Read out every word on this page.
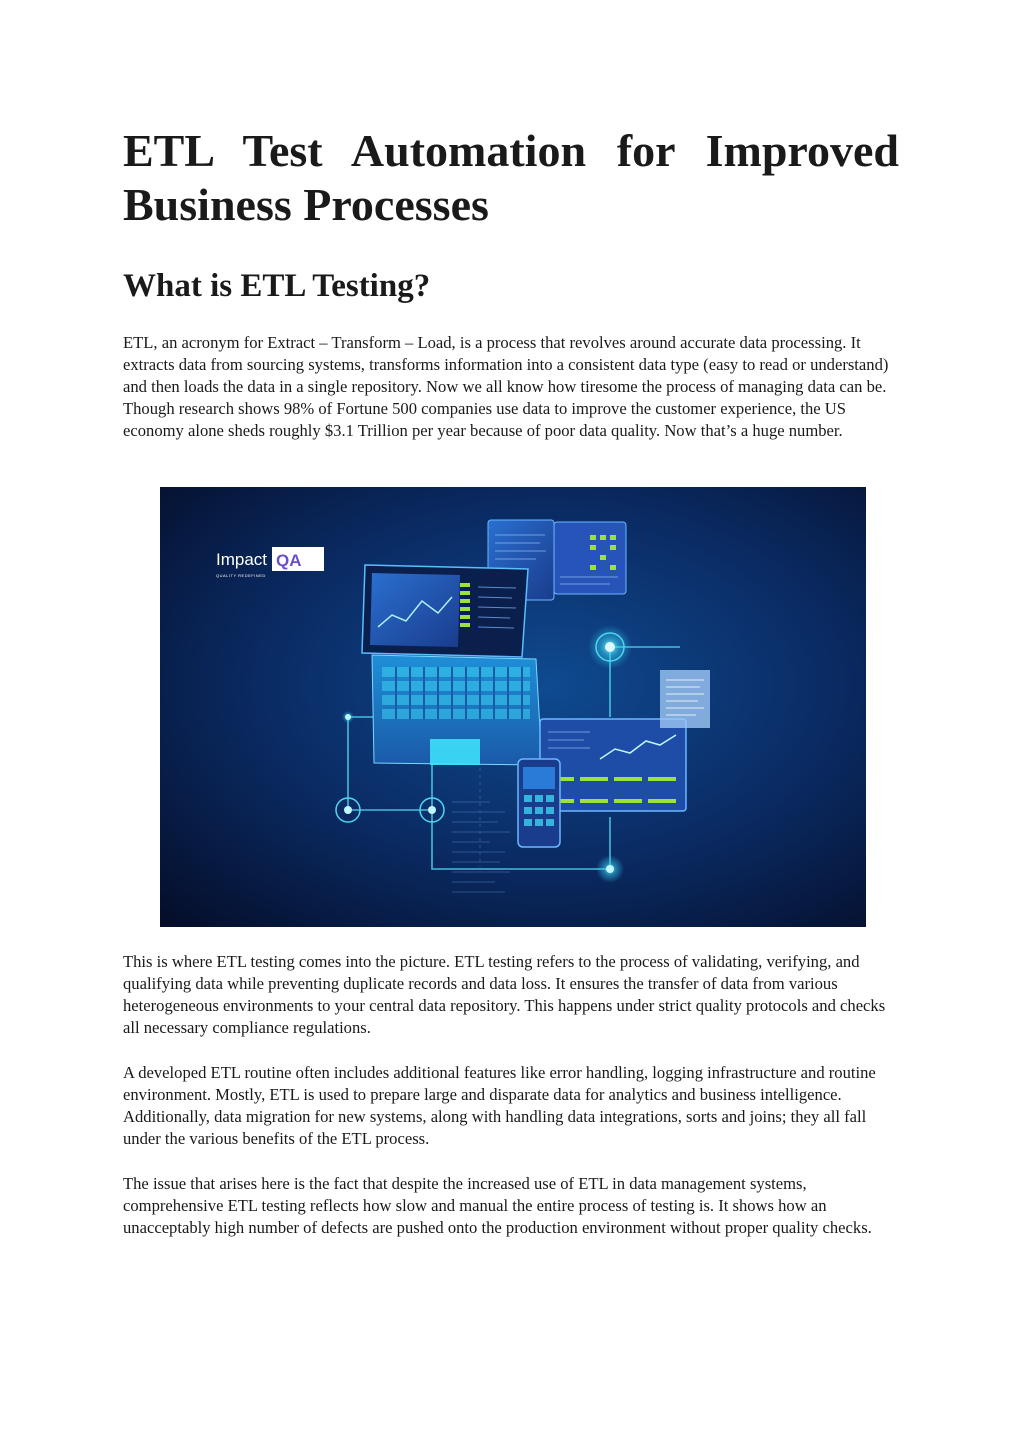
ETL Test Automation for Improved
Business Processes
What is ETL Testing?

ETL, an acronym for Extract – Transform – Load, is a process that revolves around accurate data processing. It extracts data from sourcing systems, transforms information into a consistent data type (easy to read or understand) and then loads the data in a single repository. Now we all know how tiresome the process of managing data can be. Though research shows 98% of Fortune 500 companies use data to improve the customer experience, the US economy alone sheds roughly $3.1 Trillion per year because of poor data quality. Now that’s a huge number.

Impact QA
QUALITY REDEFINED

This is where ETL testing comes into the picture. ETL testing refers to the process of validating, verifying, and qualifying data while preventing duplicate records and data loss. It ensures the transfer of data from various heterogeneous environments to your central data repository. This happens under strict quality protocols and checks all necessary compliance regulations.

A developed ETL routine often includes additional features like error handling, logging infrastructure and routine environment. Mostly, ETL is used to prepare large and disparate data for analytics and business intelligence. Additionally, data migration for new systems, along with handling data integrations, sorts and joins; they all fall under the various benefits of the ETL process.

The issue that arises here is the fact that despite the increased use of ETL in data management systems, comprehensive ETL testing reflects how slow and manual the entire process of testing is. It shows how an unacceptably high number of defects are pushed onto the production environment without proper quality checks.
